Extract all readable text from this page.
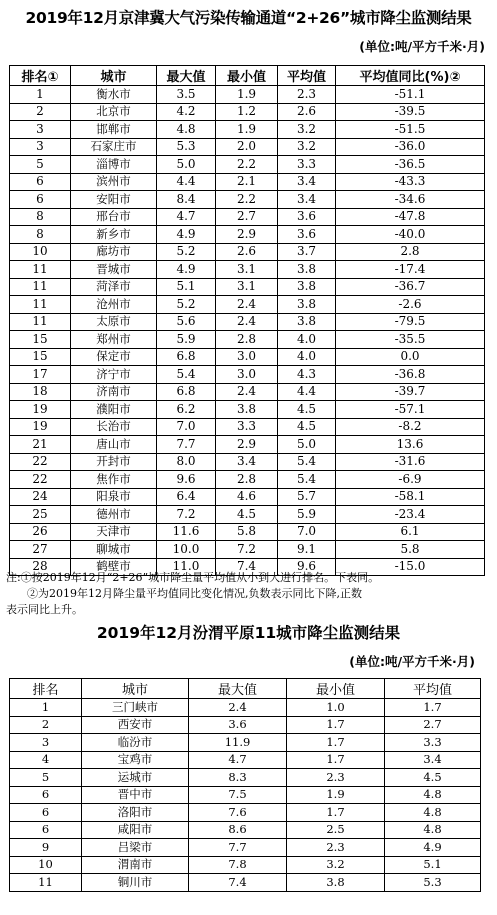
2019年12月京津冀大气污染传输通道“2+26”城市降尘监测结果
(单位:吨/平方千米·月)
排名①	城市	最大值	最小值	平均值	平均值同比(%)②
1	衡水市	3.5	1.9	2.3	-51.1
2	北京市	4.2	1.2	2.6	-39.5
3	邯郸市	4.8	1.9	3.2	-51.5
3	石家庄市	5.3	2.0	3.2	-36.0
5	淄博市	5.0	2.2	3.3	-36.5
6	滨州市	4.4	2.1	3.4	-43.3
6	安阳市	8.4	2.2	3.4	-34.6
8	邢台市	4.7	2.7	3.6	-47.8
8	新乡市	4.9	2.9	3.6	-40.0
10	廊坊市	5.2	2.6	3.7	2.8
11	晋城市	4.9	3.1	3.8	-17.4
11	菏泽市	5.1	3.1	3.8	-36.7
11	沧州市	5.2	2.4	3.8	-2.6
11	太原市	5.6	2.4	3.8	-79.5
15	郑州市	5.9	2.8	4.0	-35.5
15	保定市	6.8	3.0	4.0	0.0
17	济宁市	5.4	3.0	4.3	-36.8
18	济南市	6.8	2.4	4.4	-39.7
19	濮阳市	6.2	3.8	4.5	-57.1
19	长治市	7.0	3.3	4.5	-8.2
21	唐山市	7.7	2.9	5.0	13.6
22	开封市	8.0	3.4	5.4	-31.6
22	焦作市	9.6	2.8	5.4	-6.9
24	阳泉市	6.4	4.6	5.7	-58.1
25	德州市	7.2	4.5	5.9	-23.4
26	天津市	11.6	5.8	7.0	6.1
27	聊城市	10.0	7.2	9.1	5.8
28	鹤壁市	11.0	7.4	9.6	-15.0
注:①按2019年12月“2+26”城市降尘量平均值从小到大进行排名。下表同。
②为2019年12月降尘量平均值同比变化情况,负数表示同比下降,正数
表示同比上升。
2019年12月汾渭平原11城市降尘监测结果
(单位:吨/平方千米·月)
排名	城市	最大值	最小值	平均值
1	三门峡市	2.4	1.0	1.7
2	西安市	3.6	1.7	2.7
3	临汾市	11.9	1.7	3.3
4	宝鸡市	4.7	1.7	3.4
5	运城市	8.3	2.3	4.5
6	晋中市	7.5	1.9	4.8
6	洛阳市	7.6	1.7	4.8
6	咸阳市	8.6	2.5	4.8
9	吕梁市	7.7	2.3	4.9
10	渭南市	7.8	3.2	5.1
11	铜川市	7.4	3.8	5.3
